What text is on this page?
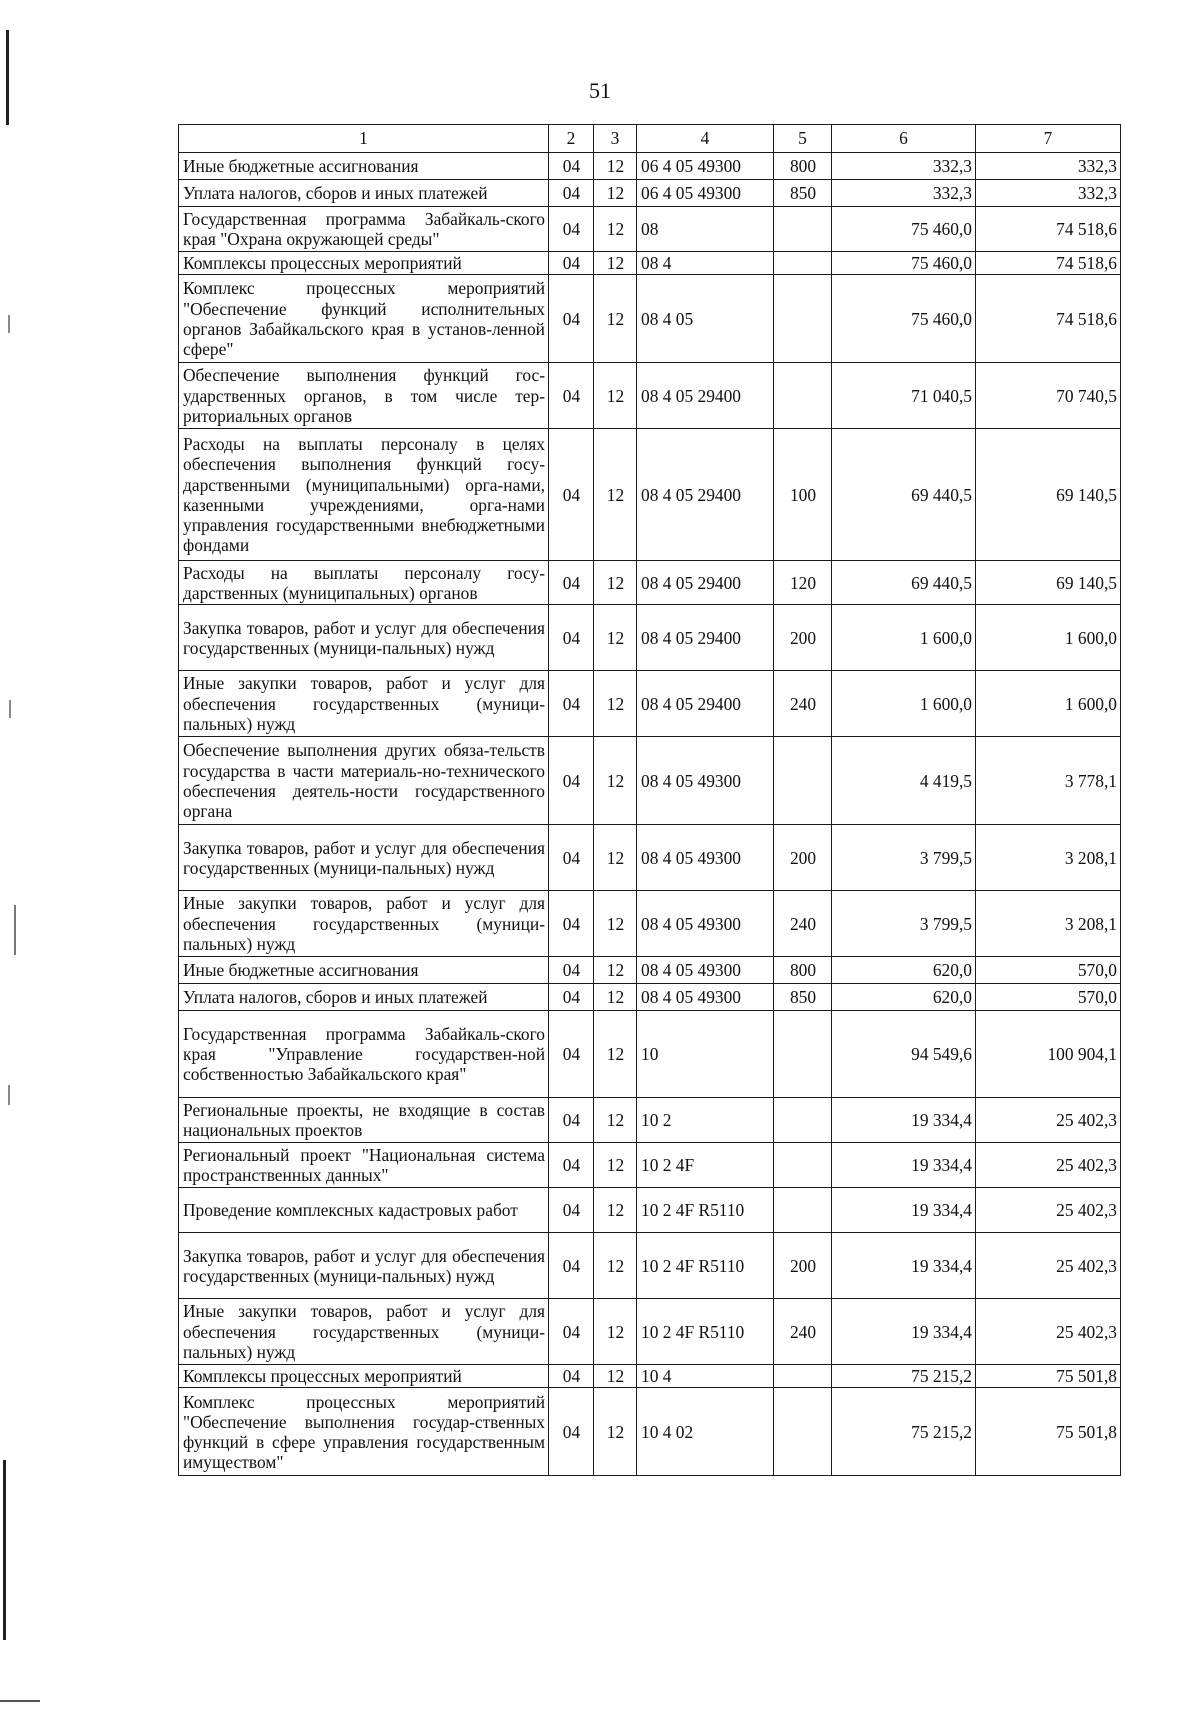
51
1	2	3	4	5	6	7
Иные бюджетные ассигнования	04	12	06 4 05 49300	800	332,3	332,3
Уплата налогов, сборов и иных платежей	04	12	06 4 05 49300	850	332,3	332,3
Государственная программа Забайкаль-ского края "Охрана окружающей среды"	04	12	08		75 460,0	74 518,6
Комплексы процессных мероприятий	04	12	08 4		75 460,0	74 518,6
Комплекс процессных мероприятий "Обеспечение функций исполнительных органов Забайкальского края в установ-ленной сфере"	04	12	08 4 05		75 460,0	74 518,6
Обеспечение выполнения функций гос-ударственных органов, в том числе тер-риториальных органов	04	12	08 4 05 29400		71 040,5	70 740,5
Расходы на выплаты персоналу в целях обеспечения выполнения функций госу-дарственными (муниципальными) орга-нами, казенными учреждениями, орга-нами управления государственными внебюджетными фондами	04	12	08 4 05 29400	100	69 440,5	69 140,5
Расходы на выплаты персоналу госу-дарственных (муниципальных) органов	04	12	08 4 05 29400	120	69 440,5	69 140,5
Закупка товаров, работ и услуг для обеспечения государственных (муници-пальных) нужд	04	12	08 4 05 29400	200	1 600,0	1 600,0
Иные закупки товаров, работ и услуг для обеспечения государственных (муници-пальных) нужд	04	12	08 4 05 29400	240	1 600,0	1 600,0
Обеспечение выполнения других обяза-тельств государства в части материаль-но-технического обеспечения деятель-ности государственного органа	04	12	08 4 05 49300		4 419,5	3 778,1
Закупка товаров, работ и услуг для обеспечения государственных (муници-пальных) нужд	04	12	08 4 05 49300	200	3 799,5	3 208,1
Иные закупки товаров, работ и услуг для обеспечения государственных (муници-пальных) нужд	04	12	08 4 05 49300	240	3 799,5	3 208,1
Иные бюджетные ассигнования	04	12	08 4 05 49300	800	620,0	570,0
Уплата налогов, сборов и иных платежей	04	12	08 4 05 49300	850	620,0	570,0
Государственная программа Забайкаль-ского края "Управление государствен-ной собственностью Забайкальского края"	04	12	10		94 549,6	100 904,1
Региональные проекты, не входящие в состав национальных проектов	04	12	10 2		19 334,4	25 402,3
Региональный проект "Национальная система пространственных данных"	04	12	10 2 4F		19 334,4	25 402,3
Проведение комплексных кадастровых работ	04	12	10 2 4F R5110		19 334,4	25 402,3
Закупка товаров, работ и услуг для обеспечения государственных (муници-пальных) нужд	04	12	10 2 4F R5110	200	19 334,4	25 402,3
Иные закупки товаров, работ и услуг для обеспечения государственных (муници-пальных) нужд	04	12	10 2 4F R5110	240	19 334,4	25 402,3
Комплексы процессных мероприятий	04	12	10 4		75 215,2	75 501,8
Комплекс процессных мероприятий "Обеспечение выполнения государ-ственных функций в сфере управления государственным имуществом"	04	12	10 4 02		75 215,2	75 501,8
